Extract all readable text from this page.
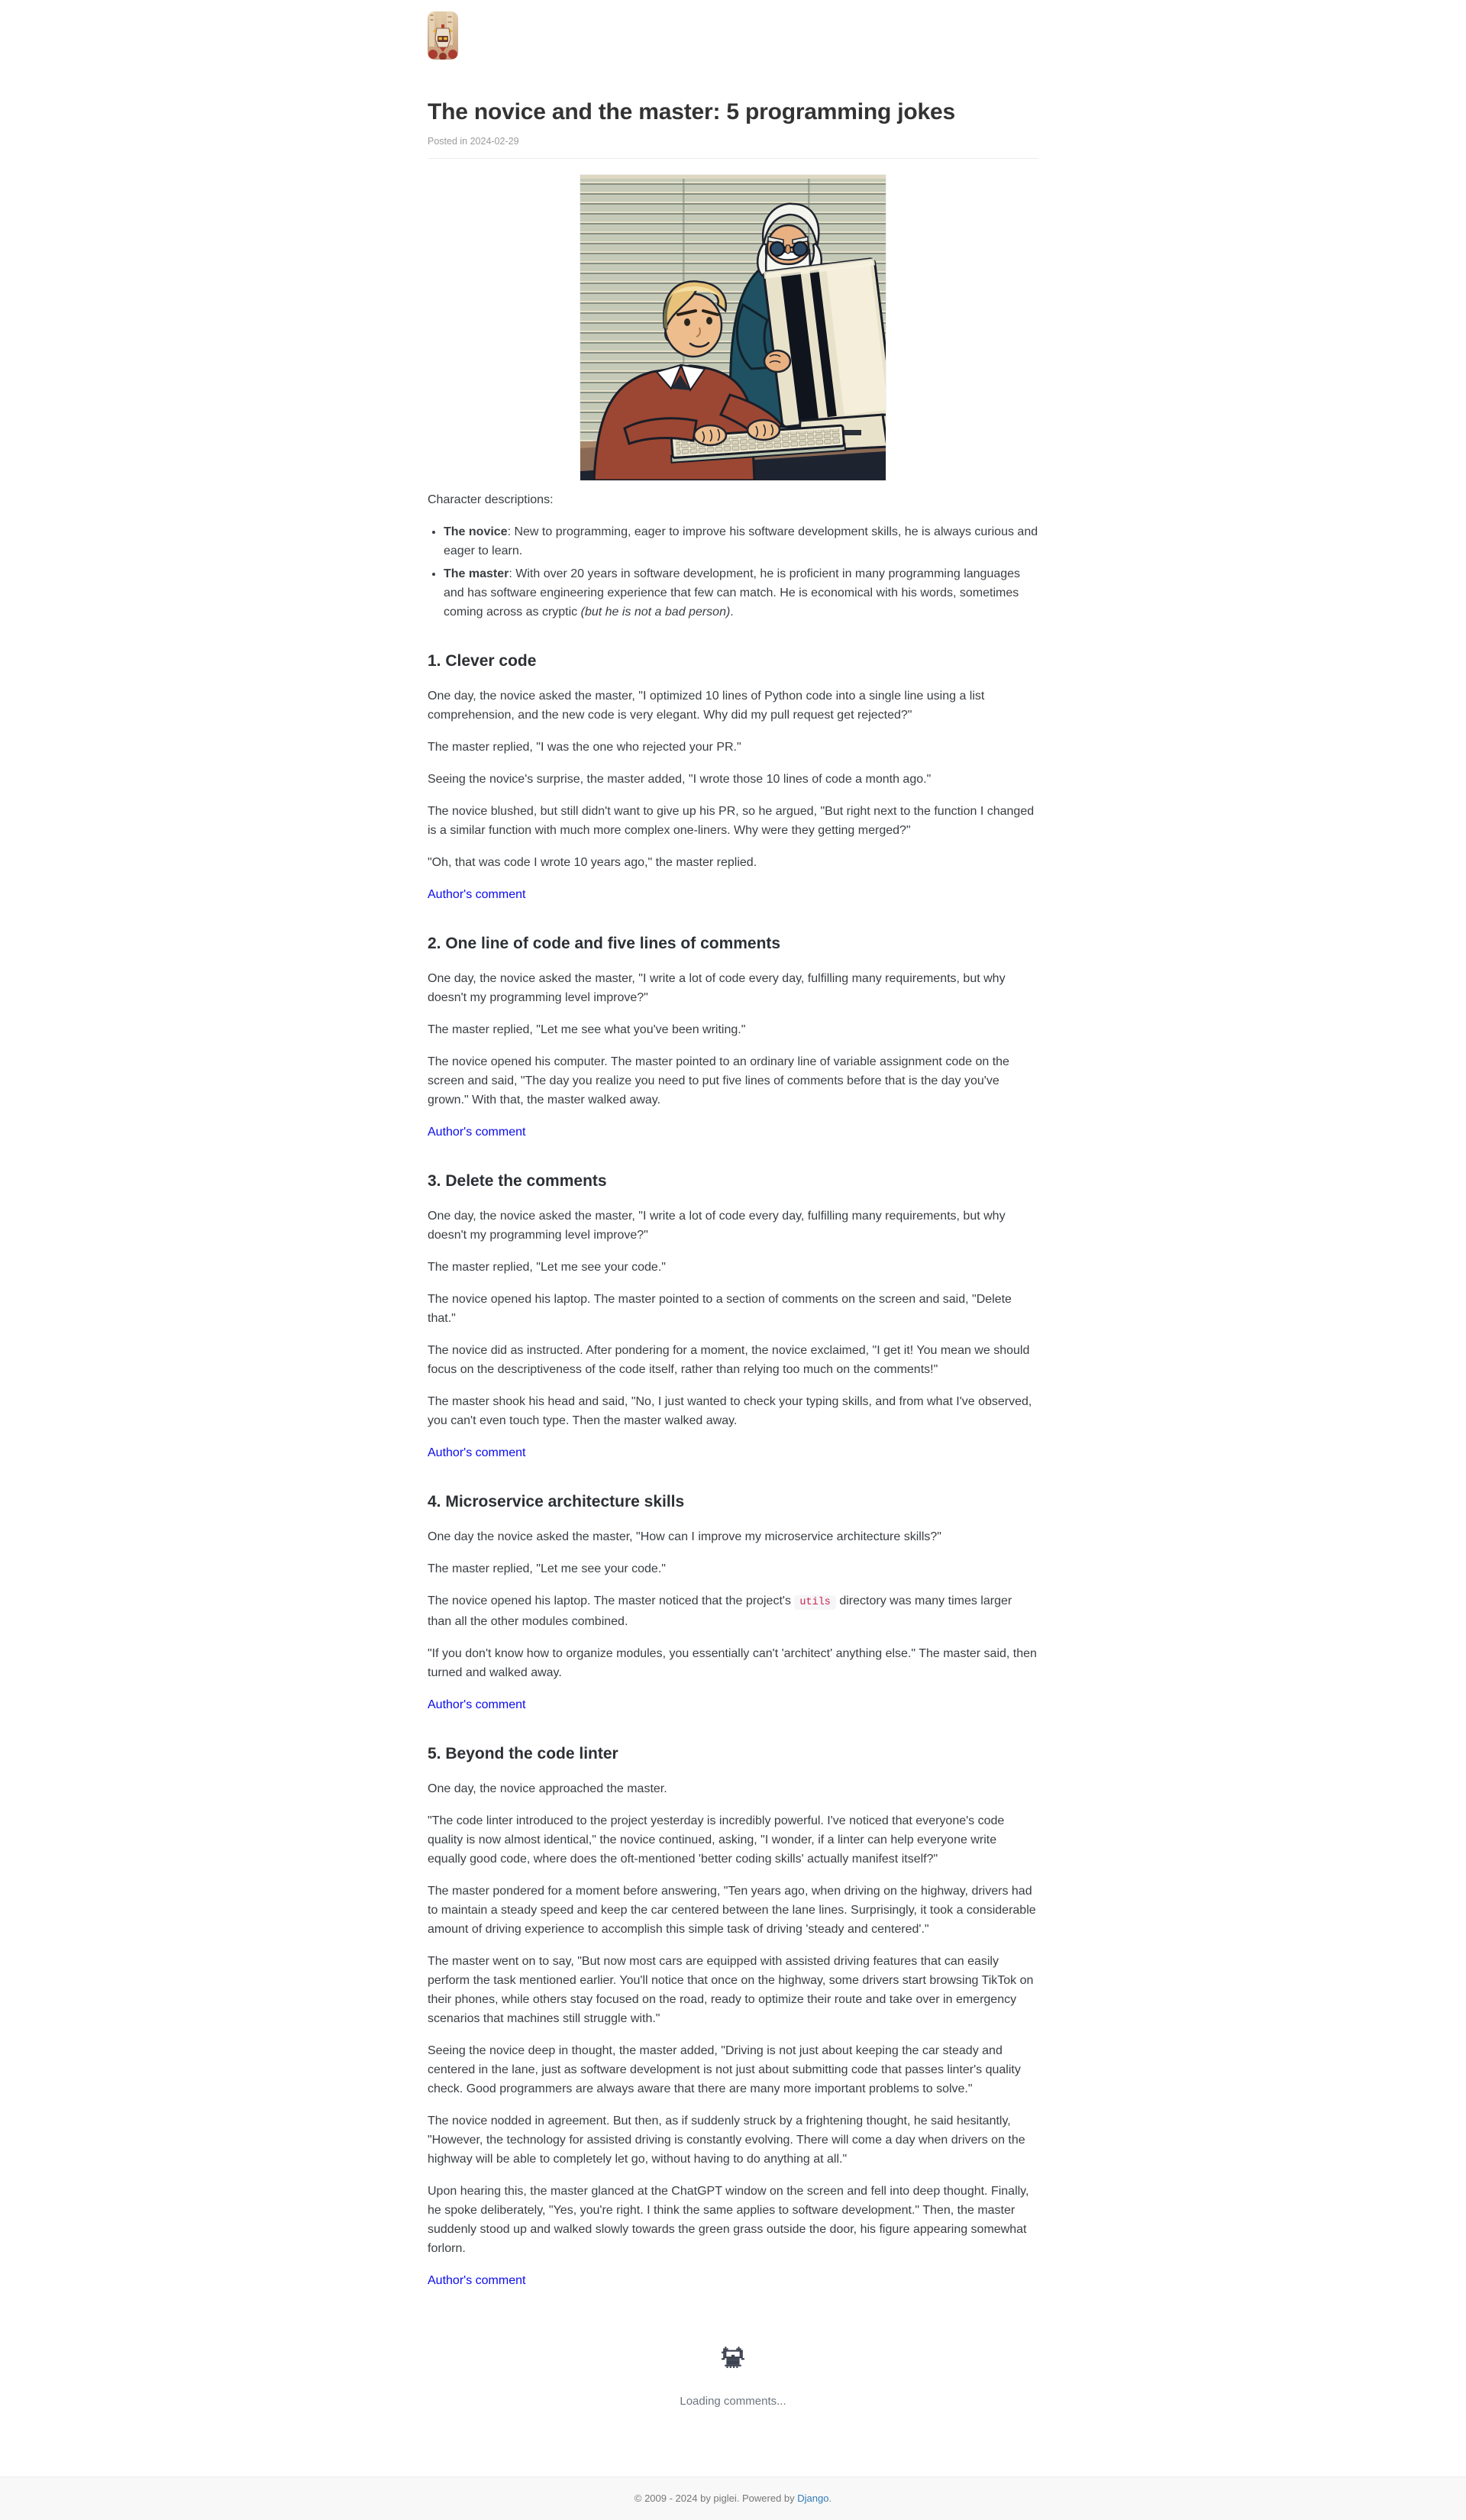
The novice and the master: 5 programming jokes
Posted in 2024-02-29

Character descriptions:

• The novice: New to programming, eager to improve his software development skills, he is always curious and eager to learn.
• The master: With over 20 years in software development, he is proficient in many programming languages and has software engineering experience that few can match. He is economical with his words, sometimes coming across as cryptic (but he is not a bad person).
1. Clever code

One day, the novice asked the master, "I optimized 10 lines of Python code into a single line using a list comprehension, and the new code is very elegant. Why did my pull request get rejected?"

The master replied, "I was the one who rejected your PR."

Seeing the novice's surprise, the master added, "I wrote those 10 lines of code a month ago."

The novice blushed, but still didn't want to give up his PR, so he argued, "But right next to the function I changed is a similar function with much more complex one-liners. Why were they getting merged?"

"Oh, that was code I wrote 10 years ago," the master replied.

Author's comment

2. One line of code and five lines of comments

One day, the novice asked the master, "I write a lot of code every day, fulfilling many requirements, but why doesn't my programming level improve?"

The master replied, "Let me see what you've been writing."

The novice opened his computer. The master pointed to an ordinary line of variable assignment code on the screen and said, "The day you realize you need to put five lines of comments before that is the day you've grown." With that, the master walked away.

Author's comment

3. Delete the comments

One day, the novice asked the master, "I write a lot of code every day, fulfilling many requirements, but why doesn't my programming level improve?"

The master replied, "Let me see your code."

The novice opened his laptop. The master pointed to a section of comments on the screen and said, "Delete that."

The novice did as instructed. After pondering for a moment, the novice exclaimed, "I get it! You mean we should focus on the descriptiveness of the code itself, rather than relying too much on the comments!"

The master shook his head and said, "No, I just wanted to check your typing skills, and from what I've observed, you can't even touch type. Then the master walked away.

Author's comment

4. Microservice architecture skills

One day the novice asked the master, "How can I improve my microservice architecture skills?"

The master replied, "Let me see your code."

The novice opened his laptop. The master noticed that the project's utils directory was many times larger than all the other modules combined.

"If you don't know how to organize modules, you essentially can't 'architect' anything else." The master said, then turned and walked away.

Author's comment

5. Beyond the code linter

One day, the novice approached the master.

"The code linter introduced to the project yesterday is incredibly powerful. I've noticed that everyone's code quality is now almost identical," the novice continued, asking, "I wonder, if a linter can help everyone write equally good code, where does the oft-mentioned 'better coding skills' actually manifest itself?"

The master pondered for a moment before answering, "Ten years ago, when driving on the highway, drivers had to maintain a steady speed and keep the car centered between the lane lines. Surprisingly, it took a considerable amount of driving experience to accomplish this simple task of driving 'steady and centered'."

The master went on to say, "But now most cars are equipped with assisted driving features that can easily perform the task mentioned earlier. You'll notice that once on the highway, some drivers start browsing TikTok on their phones, while others stay focused on the road, ready to optimize their route and take over in emergency scenarios that machines still struggle with."

Seeing the novice deep in thought, the master added, "Driving is not just about keeping the car steady and centered in the lane, just as software development is not just about submitting code that passes linter's quality check. Good programmers are always aware that there are many more important problems to solve."

The novice nodded in agreement. But then, as if suddenly struck by a frightening thought, he said hesitantly, "However, the technology for assisted driving is constantly evolving. There will come a day when drivers on the highway will be able to completely let go, without having to do anything at all."

Upon hearing this, the master glanced at the ChatGPT window on the screen and fell into deep thought. Finally, he spoke deliberately, "Yes, you're right. I think the same applies to software development." Then, the master suddenly stood up and walked slowly towards the green grass outside the door, his figure appearing somewhat forlorn.

Author's comment

Loading comments...
© 2009 - 2024 by piglei. Powered by Django.
